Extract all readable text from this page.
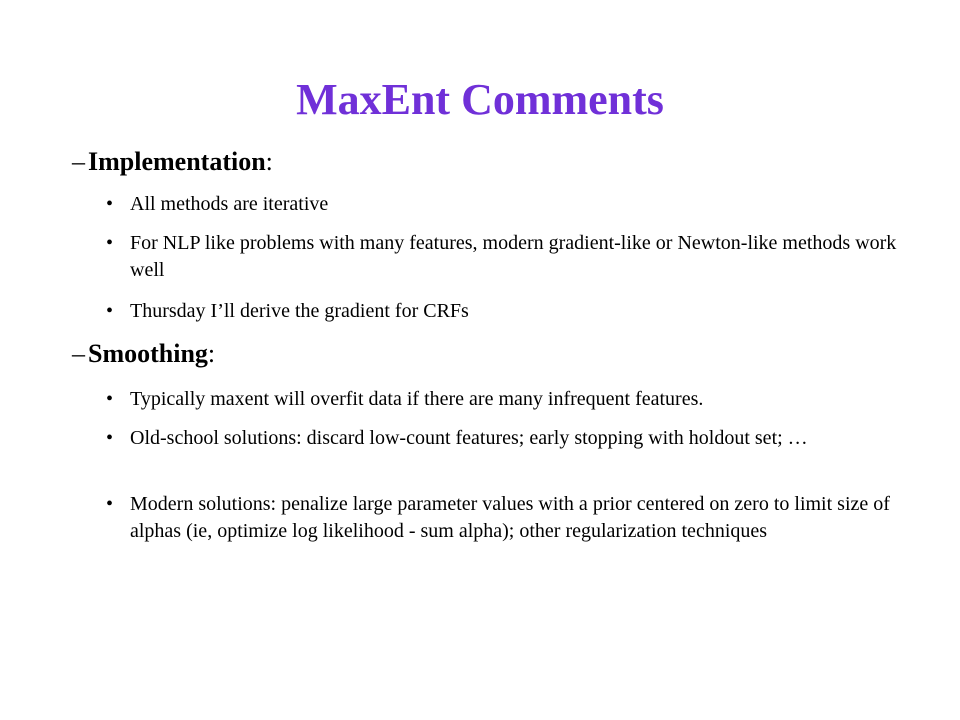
MaxEnt Comments
– Implementation:
• All methods are iterative
• For NLP like problems with many features, modern gradient-like or Newton-like methods work well
• Thursday I’ll derive the gradient for CRFs
– Smoothing:
• Typically maxent will overfit data if there are many infrequent features.
• Old-school solutions: discard low-count features; early stopping with holdout set; …
• Modern solutions: penalize large parameter values with a prior centered on zero to limit size of alphas (ie, optimize log likelihood - sum alpha); other regularization techniques
